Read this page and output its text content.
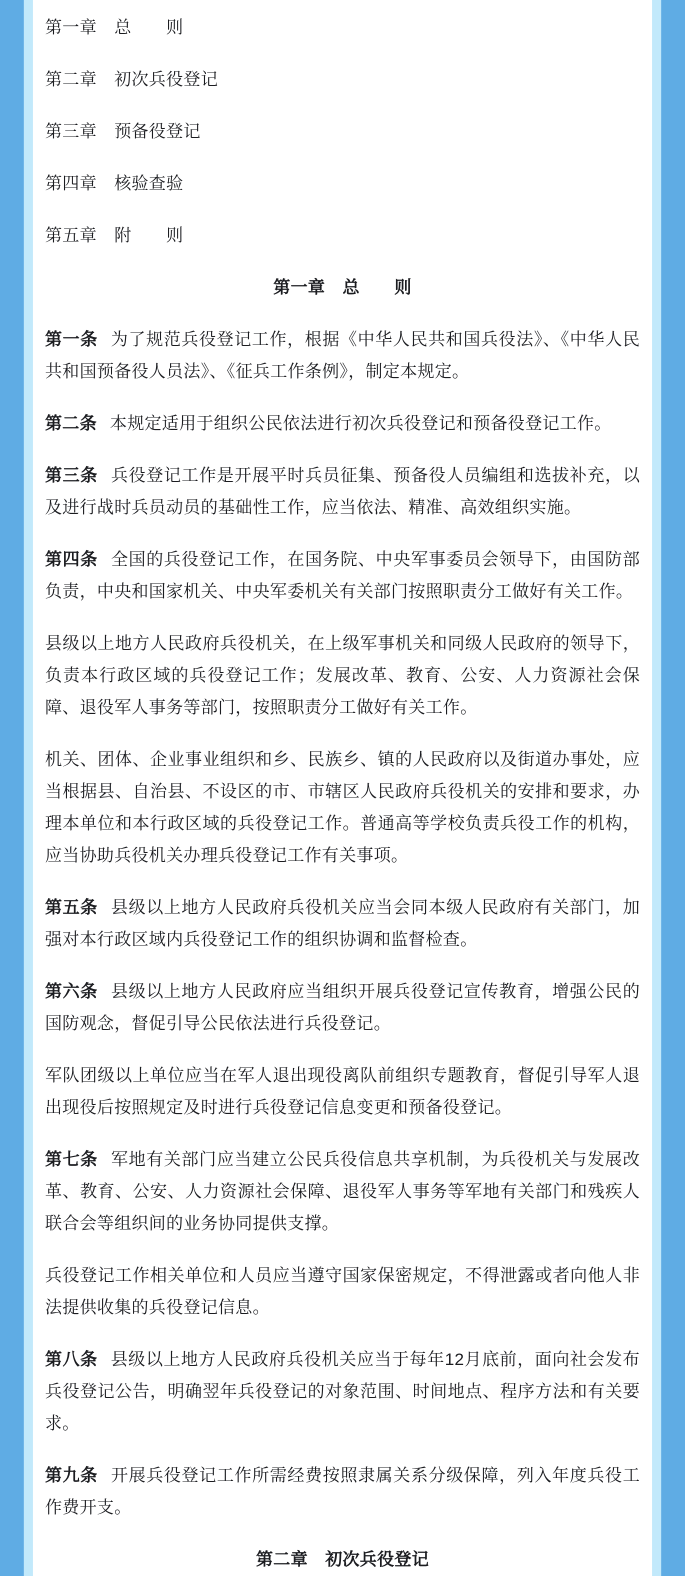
第一章　总　　则

第二章　初次兵役登记

第三章　预备役登记

第四章　核验查验

第五章　附　　则

第一章　总　　则

第一条 为了规范兵役登记工作，根据《中华人民共和国兵役法》、《中华人民共和国预备役人员法》、《征兵工作条例》，制定本规定。

第二条 本规定适用于组织公民依法进行初次兵役登记和预备役登记工作。

第三条 兵役登记工作是开展平时兵员征集、预备役人员编组和选拔补充，以及进行战时兵员动员的基础性工作，应当依法、精准、高效组织实施。

第四条 全国的兵役登记工作，在国务院、中央军事委员会领导下，由国防部负责，中央和国家机关、中央军委机关有关部门按照职责分工做好有关工作。

县级以上地方人民政府兵役机关，在上级军事机关和同级人民政府的领导下，负责本行政区域的兵役登记工作；发展改革、教育、公安、人力资源社会保障、退役军人事务等部门，按照职责分工做好有关工作。

机关、团体、企业事业组织和乡、民族乡、镇的人民政府以及街道办事处，应当根据县、自治县、不设区的市、市辖区人民政府兵役机关的安排和要求，办理本单位和本行政区域的兵役登记工作。普通高等学校负责兵役工作的机构，应当协助兵役机关办理兵役登记工作有关事项。

第五条 县级以上地方人民政府兵役机关应当会同本级人民政府有关部门，加强对本行政区域内兵役登记工作的组织协调和监督检查。

第六条 县级以上地方人民政府应当组织开展兵役登记宣传教育，增强公民的国防观念，督促引导公民依法进行兵役登记。

军队团级以上单位应当在军人退出现役离队前组织专题教育，督促引导军人退出现役后按照规定及时进行兵役登记信息变更和预备役登记。

第七条 军地有关部门应当建立公民兵役信息共享机制，为兵役机关与发展改革、教育、公安、人力资源社会保障、退役军人事务等军地有关部门和残疾人联合会等组织间的业务协同提供支撑。

兵役登记工作相关单位和人员应当遵守国家保密规定，不得泄露或者向他人非法提供收集的兵役登记信息。

第八条 县级以上地方人民政府兵役机关应当于每年12月底前，面向社会发布兵役登记公告，明确翌年兵役登记的对象范围、时间地点、程序方法和有关要求。

第九条 开展兵役登记工作所需经费按照隶属关系分级保障，列入年度兵役工作费开支。

第二章　初次兵役登记
